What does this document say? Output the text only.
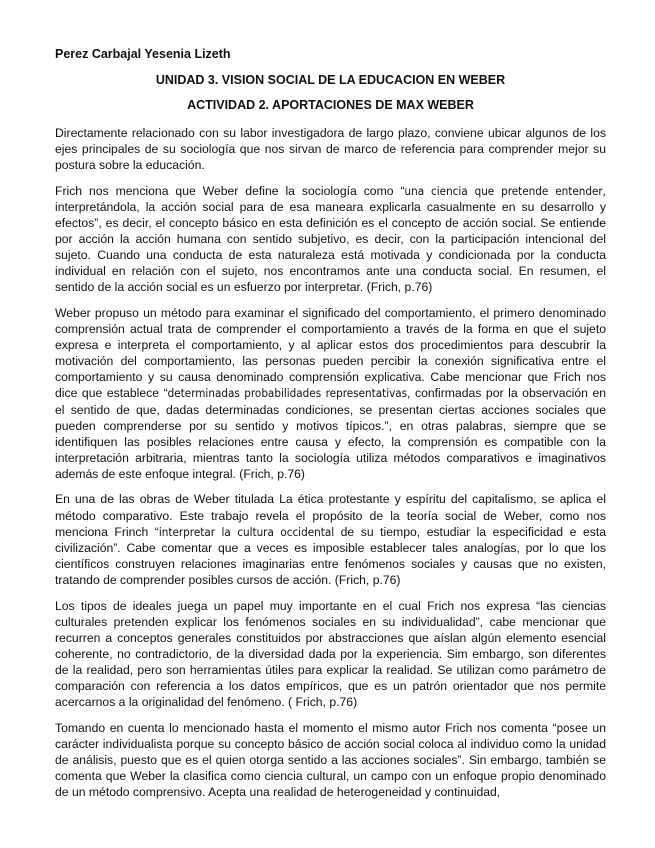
Perez Carbajal Yesenia Lizeth
UNIDAD 3. VISION SOCIAL DE LA EDUCACION EN WEBER
ACTIVIDAD 2. APORTACIONES DE MAX WEBER

Directamente relacionado con su labor investigadora de largo plazo, conviene ubicar algunos de los ejes principales de su sociología que nos sirvan de marco de referencia para comprender mejor su postura sobre la educación.

Frich nos menciona que Weber define la sociología como “una ciencia que pretende entender, interpretándola, la acción social para de esa maneara explicarla casualmente en su desarrollo y efectos”, es decir, el concepto básico en esta definición es el concepto de acción social. Se entiende por acción la acción humana con sentido subjetivo, es decir, con la participación intencional del sujeto. Cuando una conducta de esta naturaleza está motivada y condicionada por la conducta individual en relación con el sujeto, nos encontramos ante una conducta social. En resumen, el sentido de la acción social es un esfuerzo por interpretar. (Frich, p.76)

Weber propuso un método para examinar el significado del comportamiento, el primero denominado comprensión actual trata de comprender el comportamiento a través de la forma en que el sujeto expresa e interpreta el comportamiento, y al aplicar estos dos procedimientos para descubrir la motivación del comportamiento, las personas pueden percibir la conexión significativa entre el comportamiento y su causa denominado comprensión explicativa. Cabe mencionar que Frich nos dice que establece “determinadas probabilidades representativas, confirmadas por la observación en el sentido de que, dadas determinadas condiciones, se presentan ciertas acciones sociales que pueden comprenderse por su sentido y motivos típicos.”, en otras palabras, siempre que se identifiquen las posibles relaciones entre causa y efecto, la comprensión es compatible con la interpretación arbitraria, mientras tanto la sociología utiliza métodos comparativos e imaginativos además de este enfoque integral. (Frich, p.76)

En una de las obras de Weber titulada La ética protestante y espíritu del capitalismo, se aplica el método comparativo. Este trabajo revela el propósito de la teoría social de Weber, como nos menciona Frinch “interpretar la cultura occidental de su tiempo, estudiar la especificidad e esta civilización”. Cabe comentar que a veces es imposible establecer tales analogías, por lo que los científicos construyen relaciones imaginarias entre fenómenos sociales y causas que no existen, tratando de comprender posibles cursos de acción. (Frich, p.76)

Los tipos de ideales juega un papel muy importante en el cual Frich nos expresa “las ciencias culturales pretenden explicar los fenómenos sociales en su individualidad”, cabe mencionar que recurren a conceptos generales constituidos por abstracciones que aíslan algún elemento esencial coherente, no contradictorio, de la diversidad dada por la experiencia. Sim embargo, son diferentes de la realidad, pero son herramientas útiles para explicar la realidad. Se utilizan como parámetro de comparación con referencia a los datos empíricos, que es un patrón orientador que nos permite acercarnos a la originalidad del fenómeno. ( Frich, p.76)

Tomando en cuenta lo mencionado hasta el momento el mismo autor Frich nos comenta “posee un carácter individualista porque su concepto básico de acción social coloca al individuo como la unidad de análisis, puesto que es el quien otorga sentido a las acciones sociales”. Sin embargo, también se comenta que Weber la clasifica como ciencia cultural, un campo con un enfoque propio denominado de un método comprensivo. Acepta una realidad de heterogeneidad y continuidad,
